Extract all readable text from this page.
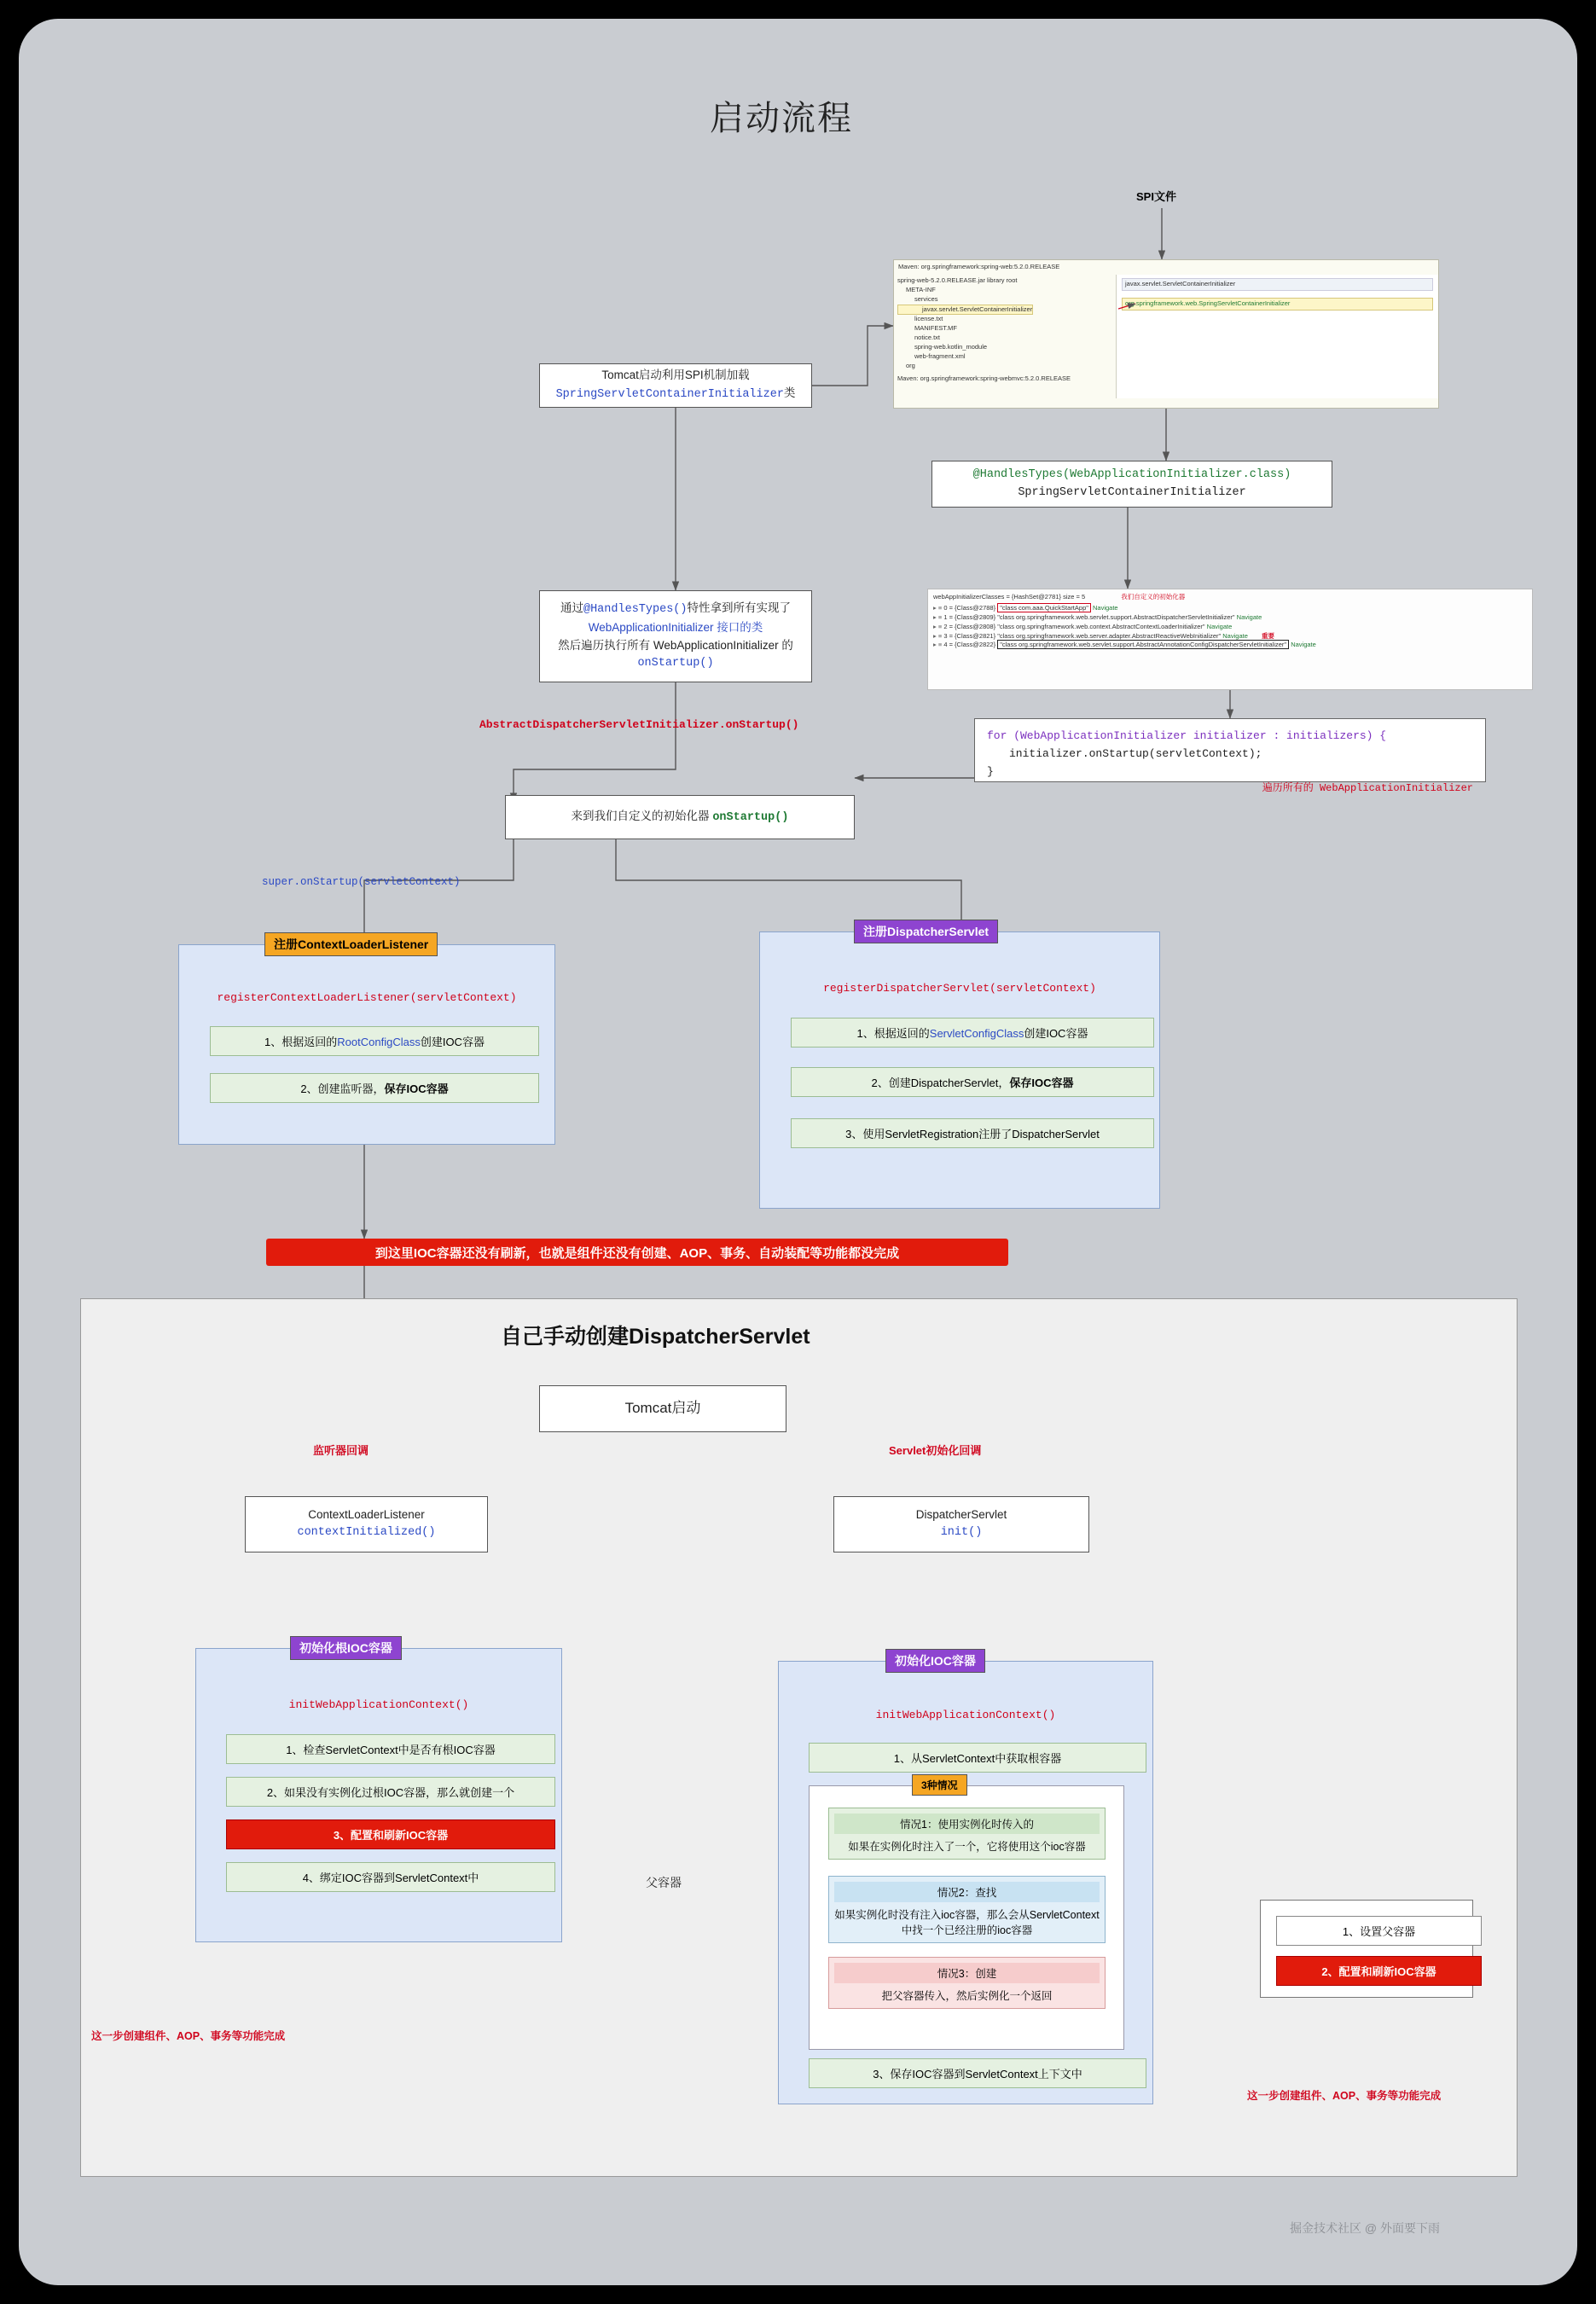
启动流程
SPI文件
Maven: org.springframework:spring-web:5.2.0.RELEASE
spring-web-5.2.0.RELEASE.jar library root
META-INF
services
javax.servlet.ServletContainerInitializer
license.txt
MANIFEST.MF
notice.txt
spring-web.kotlin_module
web-fragment.xml
org
Maven: org.springframework:spring-webmvc:5.2.0.RELEASE
javax.servlet.ServletContainerInitializer
org.springframework.web.SpringServletContainerInitializer
Tomcat启动利用SPI机制加载
SpringServletContainerInitializer类
@HandlesTypes(WebApplicationInitializer.class)
SpringServletContainerInitializer
通过@HandlesTypes()特性拿到所有实现了
WebApplicationInitializer 接口的类
然后遍历执行所有 WebApplicationInitializer 的
onStartup()
webAppInitializerClasses = {HashSet@2781} size = 5	我们自定义的初始化器
▸ ≡ 0 = {Class@2788} "class com.aaa.QuickStartApp" Navigate
▸ ≡ 1 = {Class@2809} "class org.springframework.web.servlet.support.AbstractDispatcherServletInitializer" Navigate
▸ ≡ 2 = {Class@2808} "class org.springframework.web.context.AbstractContextLoaderInitializer" Navigate
▸ ≡ 3 = {Class@2821} "class org.springframework.web.server.adapter.AbstractReactiveWebInitializer" Navigate 重要
▸ ≡ 4 = {Class@2822} "class org.springframework.web.servlet.support.AbstractAnnotationConfigDispatcherServletInitializer" Navigate
AbstractDispatcherServletInitializer.onStartup()
for (WebApplicationInitializer initializer : initializers) {
initializer.onStartup(servletContext);
}
遍历所有的 WebApplicationInitializer
来到我们自定义的初始化器 onStartup()
super.onStartup(servletContext)
注册ContextLoaderListener
registerContextLoaderListener(servletContext)
1、根据返回的RootConfigClass创建IOC容器
2、创建监听器，保存IOC容器
注册DispatcherServlet
registerDispatcherServlet(servletContext)
1、根据返回的ServletConfigClass创建IOC容器
2、创建DispatcherServlet，保存IOC容器
3、使用ServletRegistration注册了DispatcherServlet
到这里IOC容器还没有刷新，也就是组件还没有创建、AOP、事务、自动装配等功能都没完成
自己手动创建DispatcherServlet
Tomcat启动
监听器回调	Servlet初始化回调
ContextLoaderListener
contextInitialized()
DispatcherServlet
init()
初始化根IOC容器
initWebApplicationContext()
1、检查ServletContext中是否有根IOC容器
2、如果没有实例化过根IOC容器，那么就创建一个
3、配置和刷新IOC容器
4、绑定IOC容器到ServletContext中
这一步创建组件、AOP、事务等功能完成
初始化IOC容器
initWebApplicationContext()
1、从ServletContext中获取根容器
3种情况
情况1：使用实例化时传入的
如果在实例化时注入了一个，它将使用这个ioc容器
情况2：查找
如果实例化时没有注入ioc容器，那么会从ServletContext 中找一个已经注册的ioc容器
情况3：创建
把父容器传入，然后实例化一个返回
3、保存IOC容器到ServletContext上下文中
这一步创建组件、AOP、事务等功能完成
父容器
1、设置父容器
2、配置和刷新IOC容器
掘金技术社区 @ 外面要下雨
